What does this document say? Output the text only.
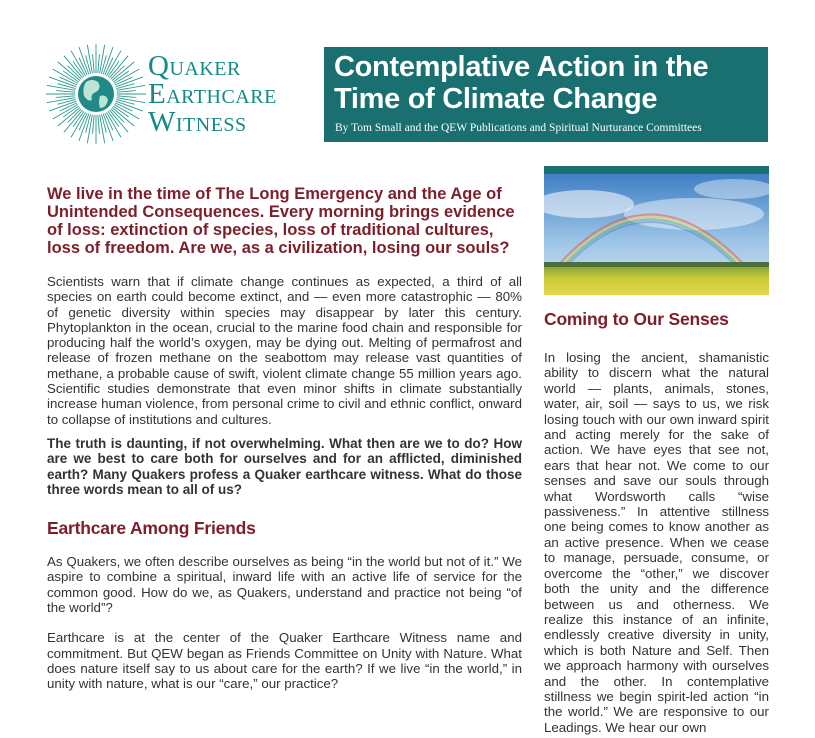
Quaker
Earthcare
Witness
Contemplative Action in the Time of Climate Change
By Tom Small and the QEW Publications and Spiritual Nurturance Committees
We live in the time of The Long Emergency and the Age of Unintended Consequences. Every morning brings evidence of loss: extinction of species, loss of traditional cultures, loss of freedom. Are we, as a civilization, losing our souls?

Scientists warn that if climate change continues as expected, a third of all species on earth could become extinct, and — even more catastrophic — 80% of genetic diversity within species may disappear by later this century. Phytoplankton in the ocean, crucial to the marine food chain and responsible for producing half the world’s oxygen, may be dying out. Melting of permafrost and release of frozen methane on the seabottom may release vast quantities of methane, a probable cause of swift, violent climate change 55 million years ago. Scientific studies demonstrate that even minor shifts in climate substantially increase human violence, from personal crime to civil and ethnic conflict, onward to collapse of institutions and cultures.

The truth is daunting, if not overwhelming. What then are we to do? How are we best to care both for ourselves and for an afflicted, diminished earth? Many Quakers profess a Quaker earthcare witness. What do those three words mean to all of us?

Earthcare Among Friends

As Quakers, we often describe ourselves as being “in the world but not of it.” We aspire to combine a spiritual, inward life with an active life of service for the common good. How do we, as Quakers, understand and practice not being “of the world”?

Earthcare is at the center of the Quaker Earthcare Witness name and commitment. But QEW began as Friends Committee on Unity with Nature. What does nature itself say to us about care for the earth? If we live “in the world,” in unity with nature, what is our “care,” our practice?

Coming to Our Senses

In losing the ancient, shamanistic ability to discern what the natural world — plants, animals, stones, water, air, soil — says to us, we risk losing touch with our own inward spirit and acting merely for the sake of action. We have eyes that see not, ears that hear not. We come to our senses and save our souls through what Wordsworth calls “wise passiveness.” In attentive stillness one being comes to know another as an active presence. When we cease to manage, persuade, consume, or overcome the “other,” we discover both the unity and the difference between us and otherness. We realize this instance of an infinite, endlessly creative diversity in unity, which is both Nature and Self. Then we approach harmony with ourselves and the other. In contemplative stillness we begin spirit-led action “in the world.” We are responsive to our Leadings. We hear our own
